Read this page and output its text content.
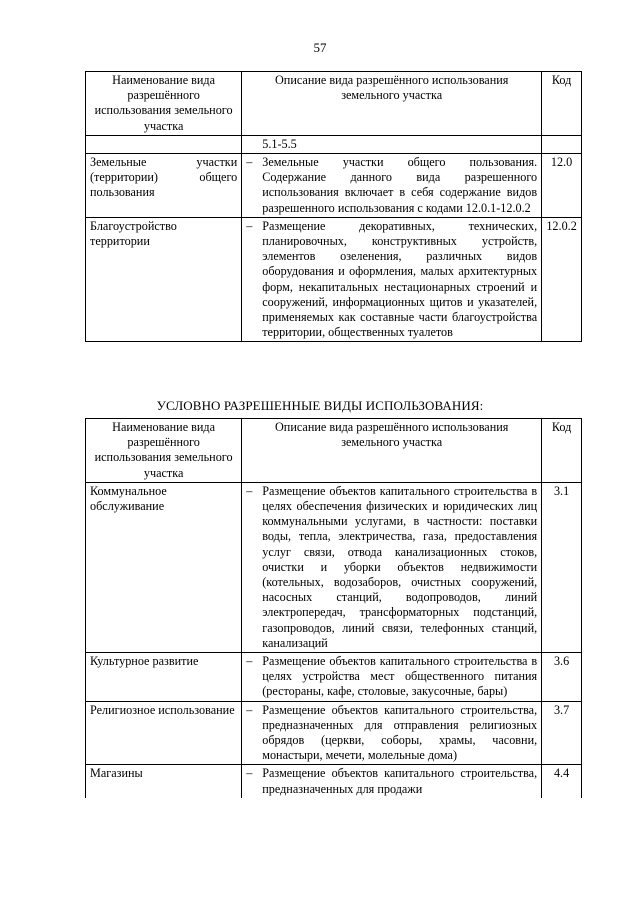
57
Наименование вида разрешённого использования земельного участка	Описание вида разрешённого использования земельного участка	Код

	5.1-5.5	

Земельные участки (территории) общего пользования	– Земельные участки общего пользования. Содержание данного вида разрешенного использования включает в себя содержание видов разрешенного использования с кодами 12.0.1-12.0.2	12.0
Благоустройство территории	– Размещение декоративных, технических, планировочных, конструктивных устройств, элементов озеленения, различных видов оборудования и оформления, малых архитектурных форм, некапитальных нестационарных строений и сооружений, информационных щитов и указателей, применяемых как составные части благоустройства территории, общественных туалетов	12.0.2
УСЛОВНО РАЗРЕШЕННЫЕ ВИДЫ ИСПОЛЬЗОВАНИЯ:
Наименование вида разрешённого использования земельного участка	Описание вида разрешённого использования земельного участка	Код
Коммунальное обслуживание	– Размещение объектов капитального строительства в целях обеспечения физических и юридических лиц коммунальными услугами, в частности: поставки воды, тепла, электричества, газа, предоставления услуг связи, отвода канализационных стоков, очистки и уборки объектов недвижимости (котельных, водозаборов, очистных сооружений, насосных станций, водопроводов, линий электропередач, трансформаторных подстанций, газопроводов, линий связи, телефонных станций, канализаций	3.1
Культурное развитие	– Размещение объектов капитального строительства в целях устройства мест общественного питания (рестораны, кафе, столовые, закусочные, бары)	3.6
Религиозное использование	– Размещение объектов капитального строительства, предназначенных для отправления религиозных обрядов (церкви, соборы, храмы, часовни, монастыри, мечети, молельные дома)	3.7
Магазины	– Размещение объектов капитального строительства, предназначенных для продажи	4.4
